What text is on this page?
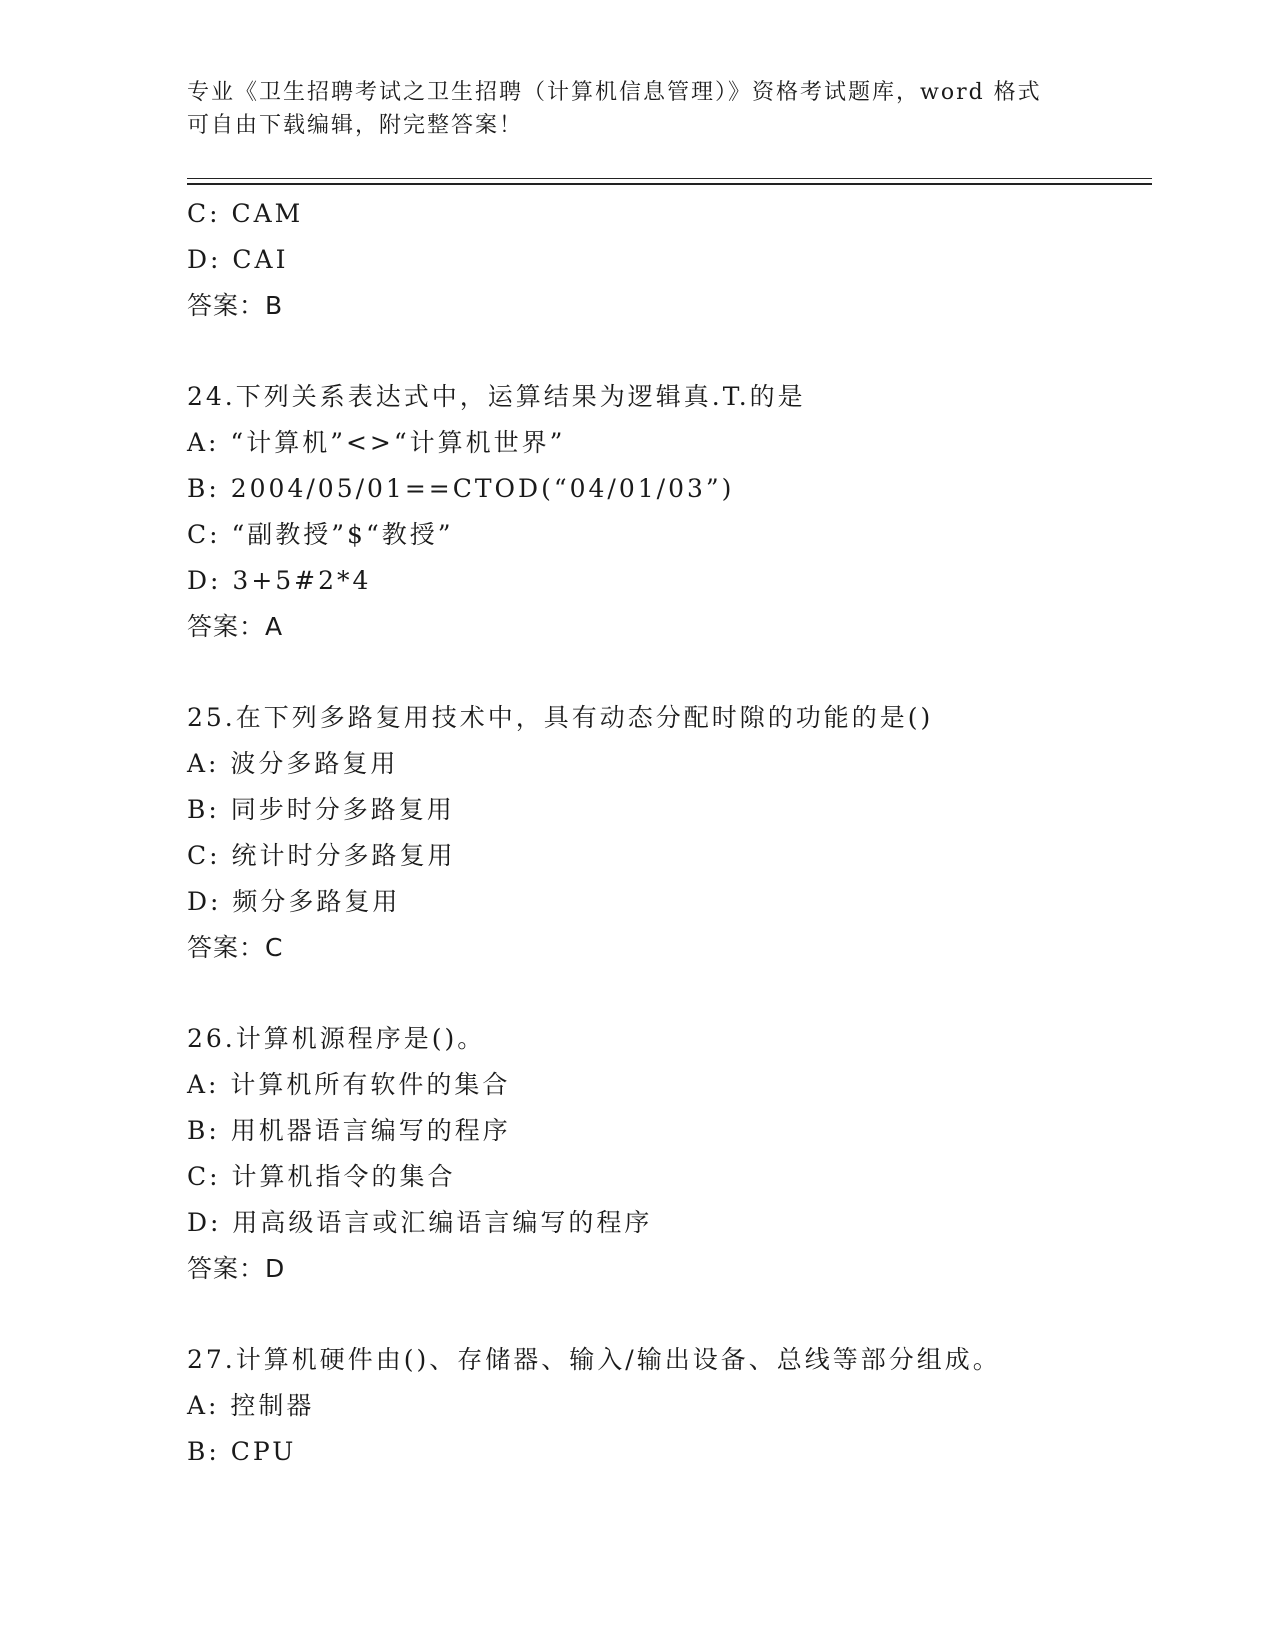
专业《卫生招聘考试之卫生招聘（计算机信息管理）》资格考试题库，word 格式
可自由下载编辑，附完整答案！
C: CAM
D: CAI
答案：B
24.下列关系表达式中，运算结果为逻辑真.T.的是
A: “计算机”<>“计算机世界”
B: 2004/05/01==CTOD(“04/01/03”)
C: “副教授”$“教授”
D: 3+5#2*4
答案：A
25.在下列多路复用技术中，具有动态分配时隙的功能的是()
A: 波分多路复用
B: 同步时分多路复用
C: 统计时分多路复用
D: 频分多路复用
答案：C
26.计算机源程序是()。
A: 计算机所有软件的集合
B: 用机器语言编写的程序
C: 计算机指令的集合
D: 用高级语言或汇编语言编写的程序
答案：D
27.计算机硬件由()、存储器、输入/输出设备、总线等部分组成。
A: 控制器
B: CPU
